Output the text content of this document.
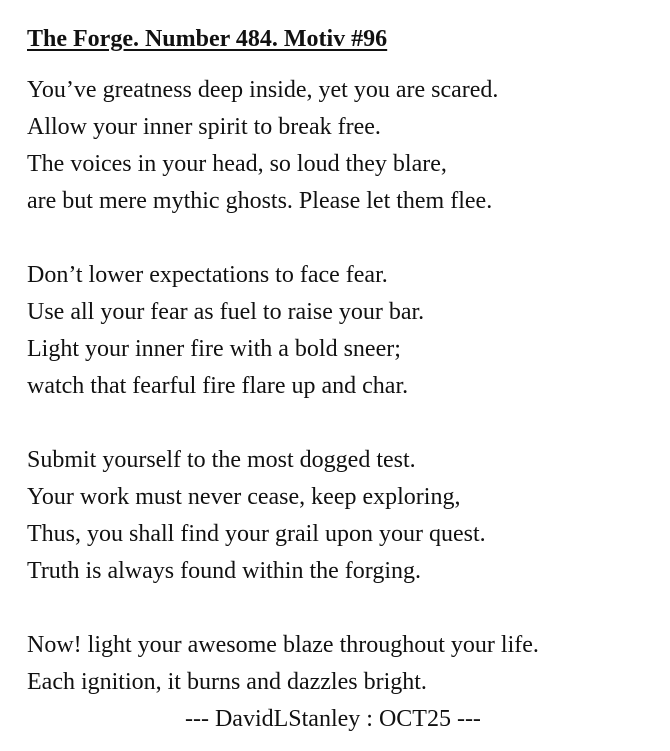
The Forge. Number 484. Motiv #96
You’ve greatness deep inside, yet you are scared.
Allow your inner spirit to break free.
The voices in your head, so loud they blare,
are but mere mythic ghosts. Please let them flee.
Don’t lower expectations to face fear.
Use all your fear as fuel to raise your bar.
Light your inner fire with a bold sneer;
watch that fearful fire flare up and char.
Submit yourself to the most dogged test.
Your work must never cease, keep exploring,
Thus, you shall find your grail upon your quest.
Truth is always found within the forging.
Now! light your awesome blaze throughout your life.
Each ignition, it burns and dazzles bright.
--- DavidLStanley : OCT25 ---
